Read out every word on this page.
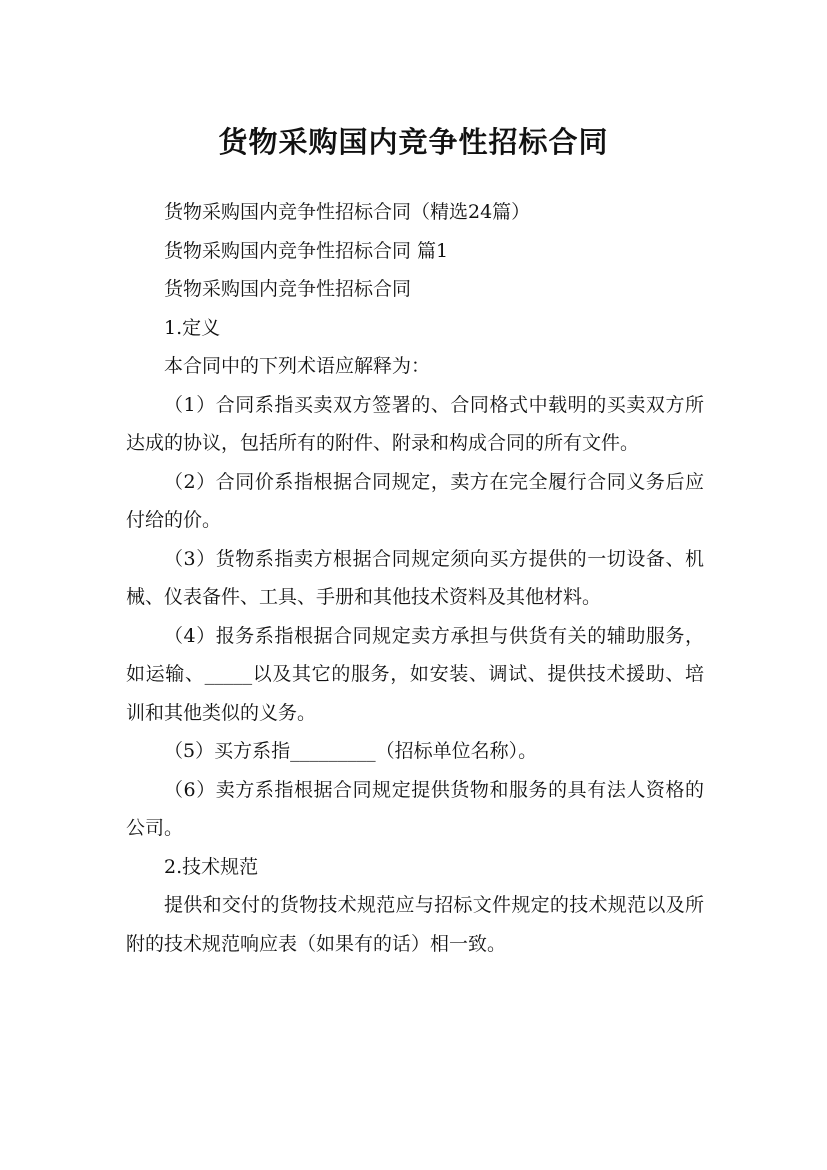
货物采购国内竞争性招标合同

货物采购国内竞争性招标合同（精选24篇）

货物采购国内竞争性招标合同 篇1

货物采购国内竞争性招标合同

1.定义

本合同中的下列术语应解释为：

（1）合同系指买卖双方签署的、合同格式中载明的买卖双方所达成的协议，包括所有的附件、附录和构成合同的所有文件。

（2）合同价系指根据合同规定，卖方在完全履行合同义务后应付给的价。

（3）货物系指卖方根据合同规定须向买方提供的一切设备、机械、仪表备件、工具、手册和其他技术资料及其他材料。

（4）报务系指根据合同规定卖方承担与供货有关的辅助服务，如运输、_____以及其它的服务，如安装、调试、提供技术援助、培训和其他类似的义务。

（5）买方系指_________（招标单位名称）。

（6）卖方系指根据合同规定提供货物和服务的具有法人资格的公司。

2.技术规范

提供和交付的货物技术规范应与招标文件规定的技术规范以及所附的技术规范响应表（如果有的话）相一致。
